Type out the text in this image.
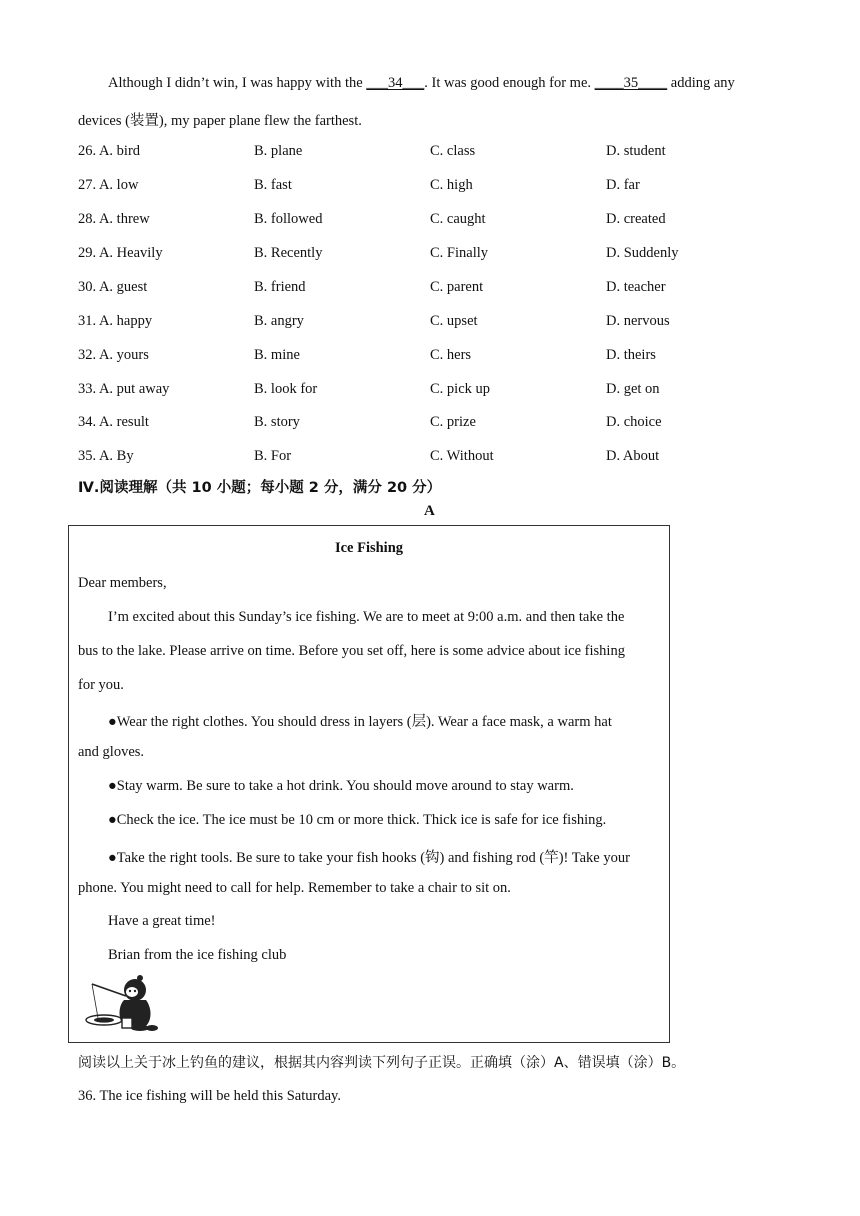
Although I didn’t win, I was happy with the ___34___. It was good enough for me. ____35____ adding any
devices (装置), my paper plane flew the farthest.
26. A. bird	B. plane	C. class	D. student
27. A. low	B. fast	C. high	D. far
28. A. threw	B. followed	C. caught	D. created
29. A. Heavily	B. Recently	C. Finally	D. Suddenly
30. A. guest	B. friend	C. parent	D. teacher
31. A. happy	B. angry	C. upset	D. nervous
32. A. yours	B. mine	C. hers	D. theirs
33. A. put away	B. look for	C. pick up	D. get on
34. A. result	B. story	C. prize	D. choice
35. A. By	B. For	C. Without	D. About
Ⅳ.阅读理解（共 10 小题；每小题 2 分，满分 20 分）
A
Ice Fishing
Dear members,
I’m excited about this Sunday’s ice fishing. We are to meet at 9:00 a.m. and then take the
bus to the lake. Please arrive on time. Before you set off, here is some advice about ice fishing
for you.
●Wear the right clothes. You should dress in layers (层). Wear a face mask, a warm hat
and gloves.
●Stay warm. Be sure to take a hot drink. You should move around to stay warm.
●Check the ice. The ice must be 10 cm or more thick. Thick ice is safe for ice fishing.
●Take the right tools. Be sure to take your fish hooks (钩) and fishing rod (竿)! Take your
phone. You might need to call for help. Remember to take a chair to sit on.
Have a great time!
Brian from the ice fishing club
阅读以上关于冰上钓鱼的建议，根据其内容判读下列句子正误。正确填（涂）A、错误填（涂）B。
36. The ice fishing will be held this Saturday.
